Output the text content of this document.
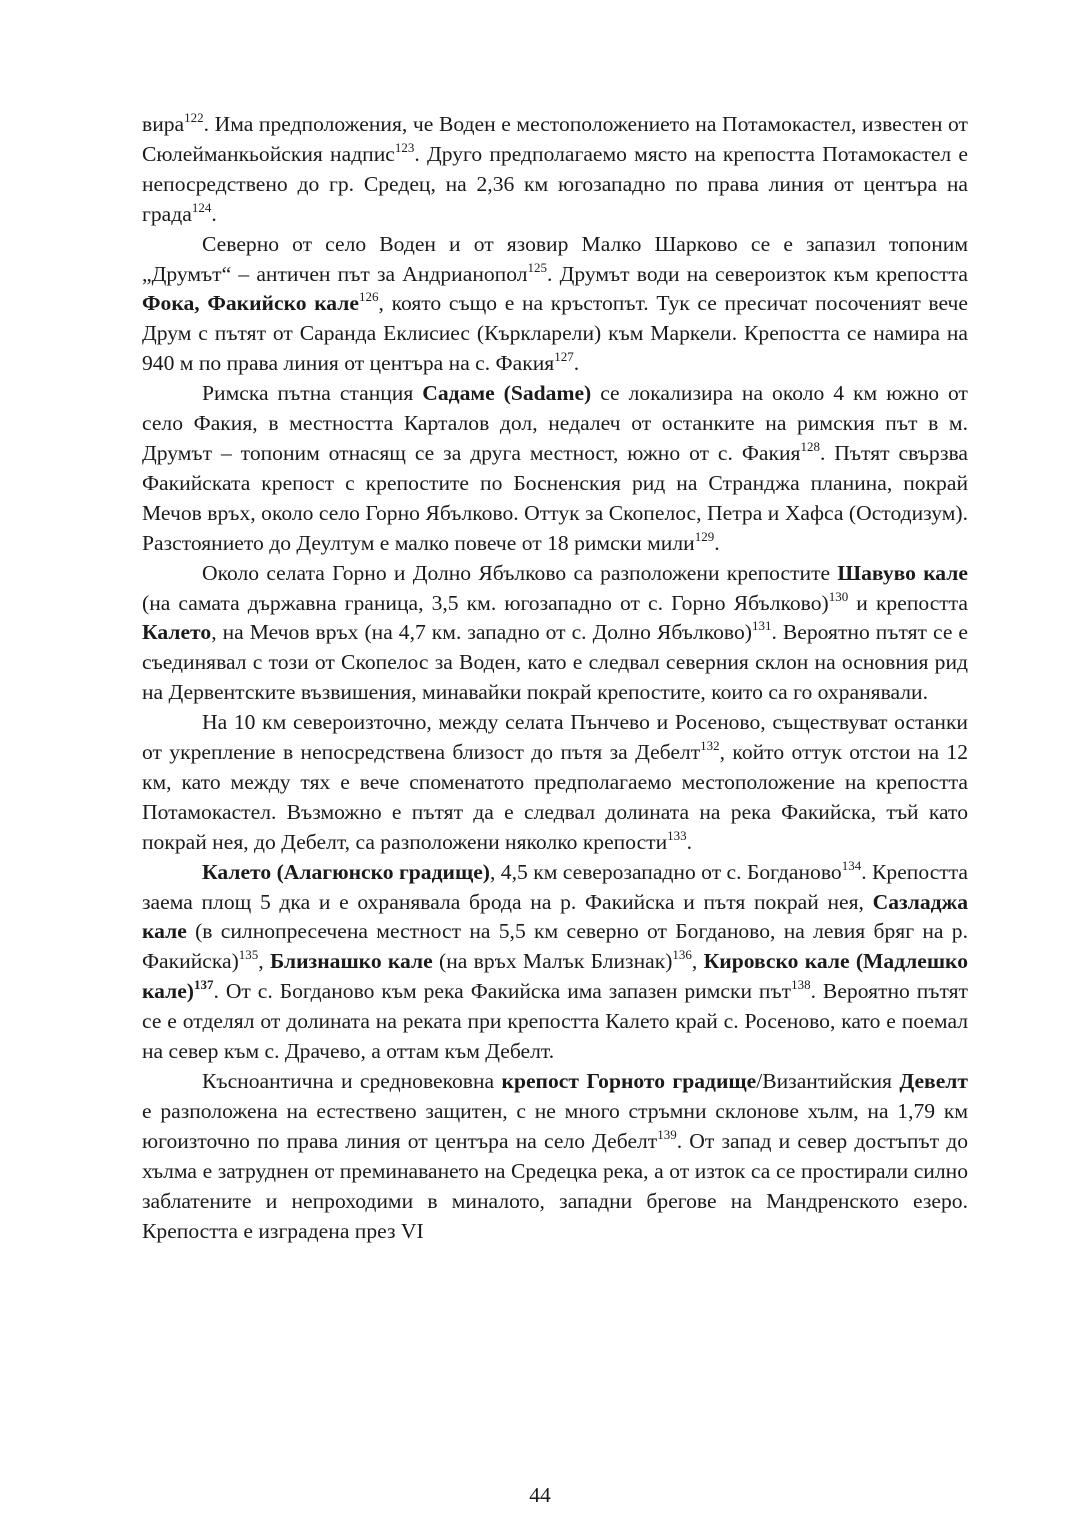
вира$^{122}$. Има предположения, че Воден е местоположението на Потамокастел, известен от Сюлейманкьойския надпис$^{123}$. Друго предполагаемо място на крепостта Потамокастел е непосредствено до гр. Средец, на 2,36 км югозападно по права линия от центъра на града$^{124}$.

Северно от село Воден и от язовир Малко Шарково се е запазил топоним „Друмът“ – античен път за Андрианопол$^{125}$. Друмът води на североизток към крепостта Фока, Факийско кале$^{126}$, която също е на кръстопът. Тук се пресичат посоченият вече Друм с пътят от Саранда Еклисиес (Къркларели) към Маркели. Крепостта се намира на 940 м по права линия от центъра на с. Факия$^{127}$.

Римска пътна станция Садаме (Sadame) се локализира на около 4 км южно от село Факия, в местността Карталов дол, недалеч от останките на римския път в м. Друмът – топоним отнасящ се за друга местност, южно от с. Факия$^{128}$. Пътят свързва Факийската крепост с крепостите по Босненския рид на Странджа планина, покрай Мечов връх, около село Горно Ябълково. Оттук за Скопелос, Петра и Хафса (Остодизум). Разстоянието до Деултум е малко повече от 18 римски мили$^{129}$.

Около селата Горно и Долно Ябълково са разположени крепостите Шавуво кале (на самата държавна граница, 3,5 км. югозападно от с. Горно Ябълково)$^{130}$ и крепостта Калето, на Мечов връх (на 4,7 км. западно от с. Долно Ябълково)$^{131}$. Вероятно пътят се е съединявал с този от Скопелос за Воден, като е следвал северния склон на основния рид на Дервентските възвишения, минавайки покрай крепостите, които са го охранявали.

На 10 км североизточно, между селата Пънчево и Росеново, съществуват останки от укрепление в непосредствена близост до пътя за Дебелт$^{132}$, който оттук отстои на 12 км, като между тях е вече споменатото предполагаемо местоположение на крепостта Потамокастел. Възможно е пътят да е следвал долината на река Факийска, тъй като покрай нея, до Дебелт, са разположени няколко крепости$^{133}$.

Калето (Алагюнско градище), 4,5 км северозападно от с. Богданово$^{134}$. Крепостта заема площ 5 дка и е охранявала брода на р. Факийска и пътя покрай нея, Сазладжа кале (в силнопресечена местност на 5,5 км северно от Богданово, на левия бряг на р. Факийска)$^{135}$, Близнашко кале (на връх Малък Близнак)$^{136}$, Кировско кале (Мадлешко кале)$^{137}$. От с. Богданово към река Факийска има запазен римски път$^{138}$. Вероятно пътят се е отделял от долината на реката при крепостта Калето край с. Росеново, като е поемал на север към с. Драчево, а оттам към Дебелт.

Къснoантична и средновековна крепост Горното градище/Византийския Девелт е разположена на естествено защитен, с не много стръмни склонове хълм, на 1,79 км югоизточно по права линия от центъра на село Дебелт$^{139}$. От запад и север достъпът до хълма е затруднен от преминаването на Средецка река, а от изток са се простирали силно заблатените и непроходими в миналото, западни брегове на Мандренското езеро. Крепостта е изградена през VI

44
